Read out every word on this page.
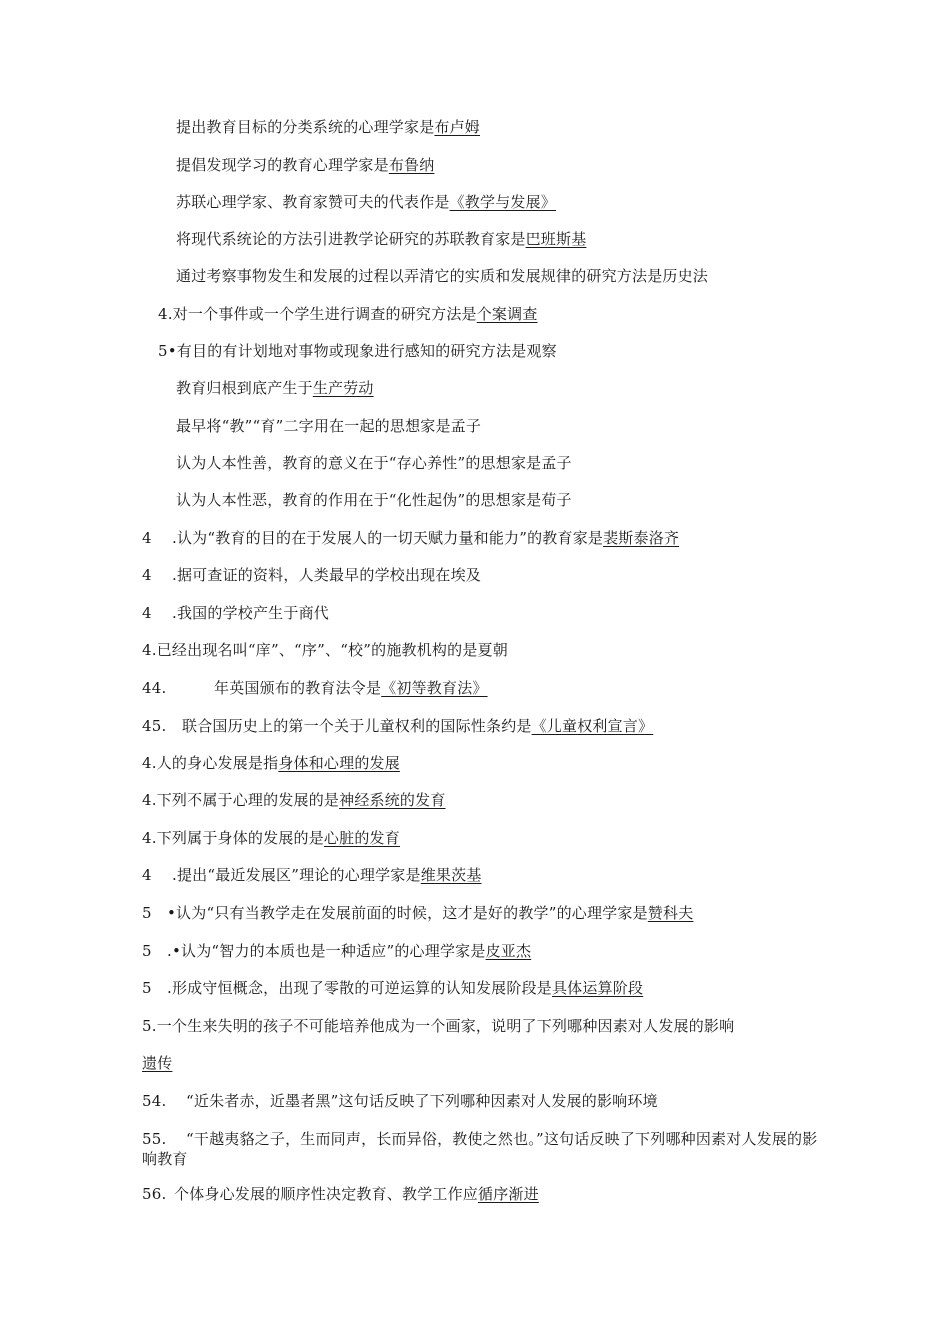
提出教育目标的分类系统的心理学家是布卢姆
提倡发现学习的教育心理学家是布鲁纳
苏联心理学家、教育家赞可夫的代表作是《教学与发展》
将现代系统论的方法引进教学论研究的苏联教育家是巴班斯基
通过考察事物发生和发展的过程以弄清它的实质和发展规律的研究方法是历史法
4.对一个事件或一个学生进行调查的研究方法是个案调查
5•有目的有计划地对事物或现象进行感知的研究方法是观察
教育归根到底产生于生产劳动
最早将“教”“育”二字用在一起的思想家是孟子
认为人本性善，教育的意义在于“存心养性”的思想家是孟子
认为人本性恶，教育的作用在于“化性起伪”的思想家是荀子
4 .认为“教育的目的在于发展人的一切天赋力量和能力”的教育家是裴斯泰洛齐
4 .据可查证的资料，人类最早的学校出现在埃及
4 .我国的学校产生于商代
4.已经出现名叫“庠”、“序”、“校”的施教机构的是夏朝
44.	年英国颁布的教育法令是《初等教育法》
45. 联合国历史上的第一个关于儿童权利的国际性条约是《儿童权利宣言》
4.人的身心发展是指身体和心理的发展
4.下列不属于心理的发展的是神经系统的发育
4.下列属于身体的发展的是心脏的发育
4 .提出“最近发展区”理论的心理学家是维果茨基
5 •认为“只有当教学走在发展前面的时候，这才是好的教学”的心理学家是赞科夫
5 .•认为“智力的本质也是一种适应”的心理学家是皮亚杰
5 .形成守恒概念，出现了零散的可逆运算的认知发展阶段是具体运算阶段
5.一个生来失明的孩子不可能培养他成为一个画家，说明了下列哪种因素对人发展的影响
遗传
54. “近朱者赤，近墨者黑”这句话反映了下列哪种因素对人发展的影响环境
55. “干越夷貉之子，生而同声，长而异俗，教使之然也。”这句话反映了下列哪种因素对人发展的影响教育
56. 个体身心发展的顺序性决定教育、教学工作应循序渐进
